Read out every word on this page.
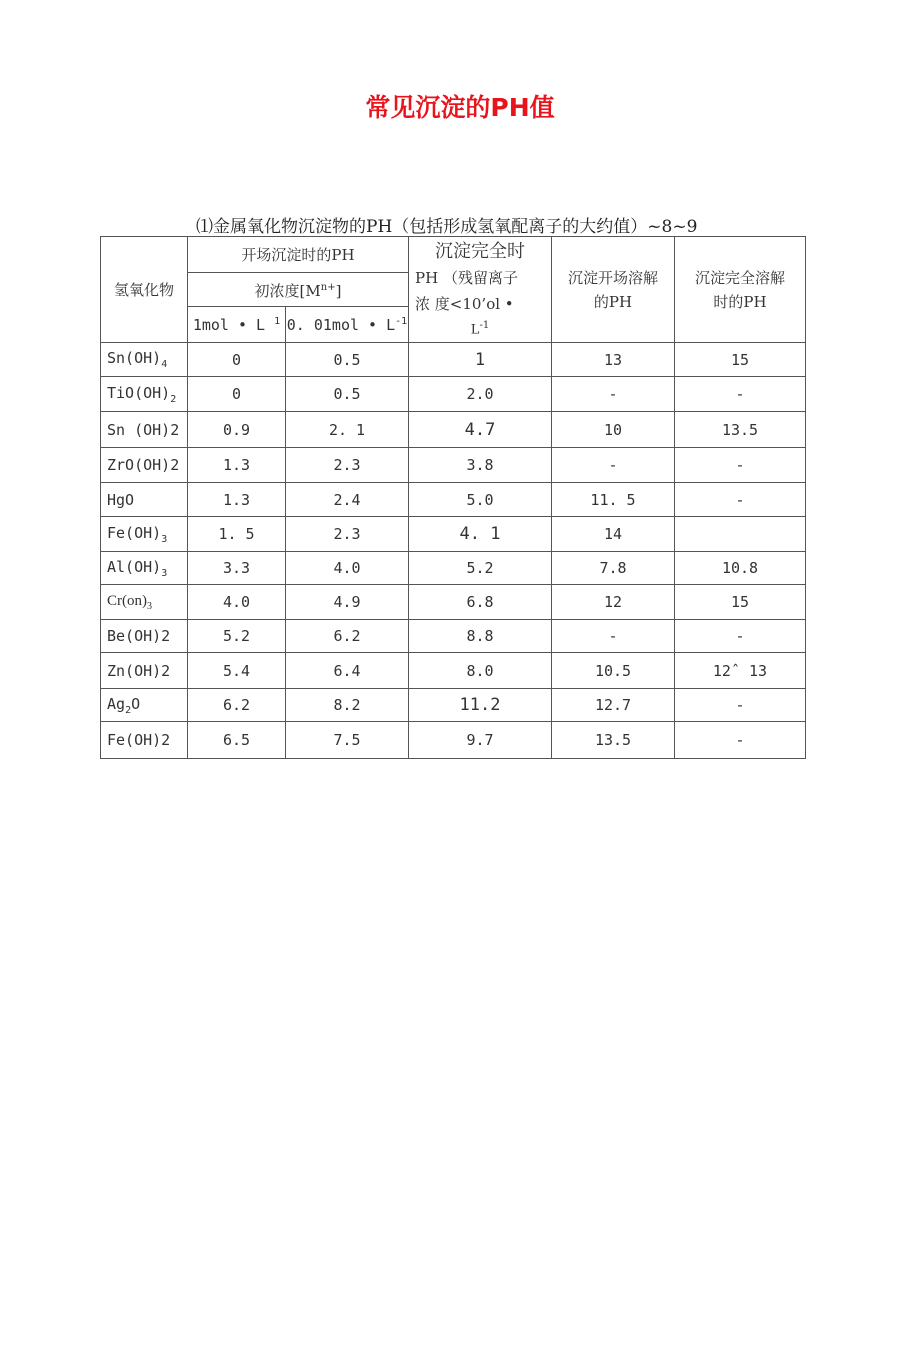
常见沉淀的PH值
⑴金属氧化物沉淀物的PH（包括形成氢氧配离子的大约值）~8~9
氢氧化物	开场沉淀时的PH		沉淀完全时
PH （残留离子
浓 度<10’ol •
$L^{-1}$	沉淀开场溶解的PH	沉淀完全溶解时的PH

	初浓度$[M^{n+}]$				
	1mol • L $^1$	0. 01mol • $L^{-1}$
$Sn(OH)_4$	0	0.5	1	13	15
$TiO(OH)_2$	0	0.5	2.0	-	-
Sn (OH)2	0.9	2. 1	4.7	10	13.5
ZrO(OH)2	1.3	2.3	3.8	-	-
HgO	1.3	2.4	5.0	11. 5	-
$Fe(OH)_3$	1. 5	2.3	4. 1	14	
$Al(OH)_3$	3.3	4.0	5.2	7.8	10.8
$Cr(on)_3$	4.0	4.9	6.8	12	15
Be(OH)2	5.2	6.2	8.8	-	-
Zn(OH)2	5.4	6.4	8.0	10.5	12ˆ 13
$Ag_2O$	6.2	8.2	11.2	12.7	-
Fe(OH)2	6.5	7.5	9.7	13.5	-
